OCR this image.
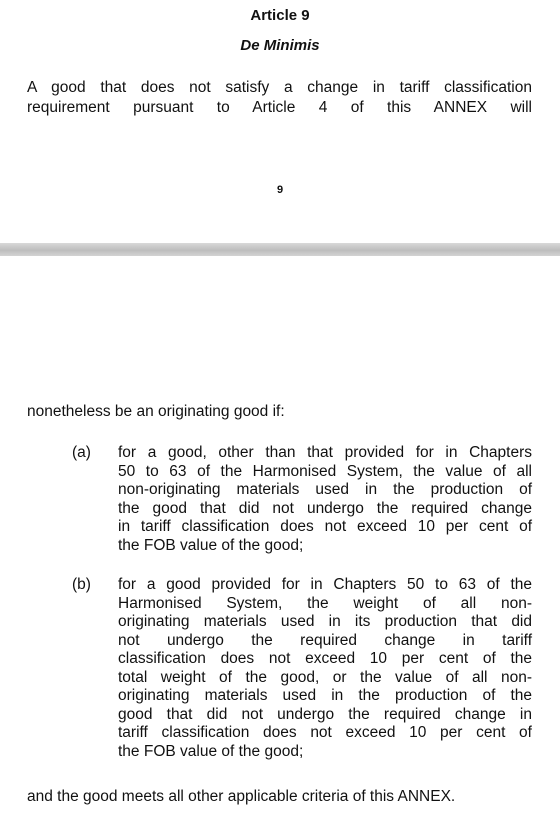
Article 9
De Minimis
A good that does not satisfy a change in tariff classification
requirement pursuant to Article 4 of this ANNEX will
9
nonetheless be an originating good if:
(a) for a good, other than that provided for in Chapters
50 to 63 of the Harmonised System, the value of all
non-originating materials used in the production of
the good that did not undergo the required change
in tariff classification does not exceed 10 per cent of
the FOB value of the good;
(b) for a good provided for in Chapters 50 to 63 of the
Harmonised System, the weight of all non-
originating materials used in its production that did
not undergo the required change in tariff
classification does not exceed 10 per cent of the
total weight of the good, or the value of all non-
originating materials used in the production of the
good that did not undergo the required change in
tariff classification does not exceed 10 per cent of
the FOB value of the good;
and the good meets all other applicable criteria of this ANNEX.
